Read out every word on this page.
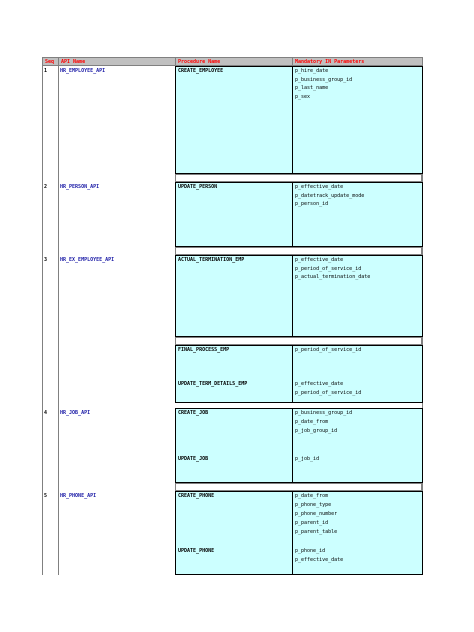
Seq API Name	Procedure Name	Mandatory IN Parameters
1	HR_EMPLOYEE_API	CREATE_EMPLOYEE	p_hire_date
p_business_group_id
p_last_name
p_sex
2	HR_PERSON_API	UPDATE_PERSON	p_effective_date
p_datetrack_update_mode
p_person_id
3	HR_EX_EMPLOYEE_API	ACTUAL_TERMINATION_EMP	p_effective_date
p_period_of_service_id
p_actual_termination_date
FINAL_PROCESS_EMP	p_period_of_service_id
UPDATE_TERM_DETAILS_EMP	p_effective_date
p_period_of_service_id
4	HR_JOB_API	CREATE_JOB	p_business_group_id
p_date_from
p_job_group_id
UPDATE_JOB	p_job_id
5	HR_PHONE_API	CREATE_PHONE	p_date_from
p_phone_type
p_phone_number
p_parent_id
p_parent_table
UPDATE_PHONE	p_phone_id
p_effective_date
